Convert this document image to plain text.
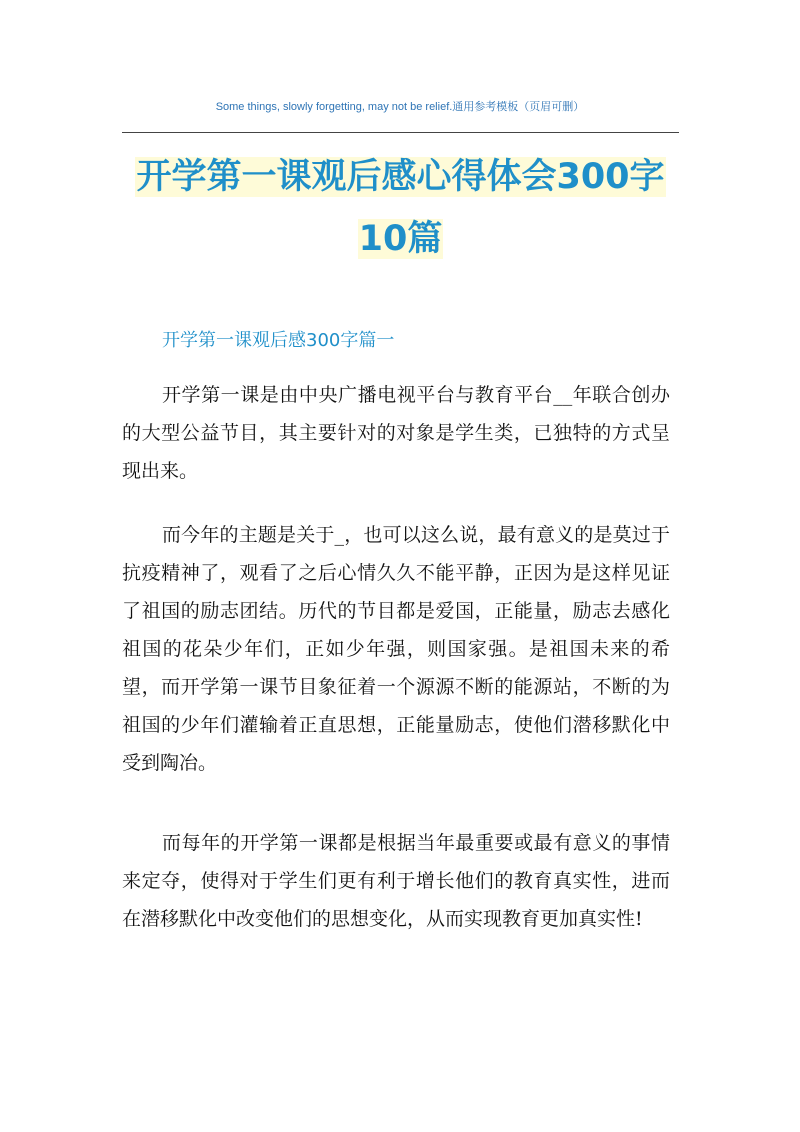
Some things, slowly forgetting, may not be relief.通用参考模板（页眉可删）
开学第一课观后感心得体会300字
10篇
开学第一课观后感300字篇一

开学第一课是由中央广播电视平台与教育平台__年联合创办的大型公益节目，其主要针对的对象是学生类，已独特的方式呈现出来。

而今年的主题是关于_，也可以这么说，最有意义的是莫过于抗疫精神了，观看了之后心情久久不能平静，正因为是这样见证了祖国的励志团结。历代的节目都是爱国，正能量，励志去感化祖国的花朵少年们，正如少年强，则国家强。是祖国未来的希望，而开学第一课节目象征着一个源源不断的能源站，不断的为祖国的少年们灌输着正直思想，正能量励志，使他们潜移默化中受到陶冶。

而每年的开学第一课都是根据当年最重要或最有意义的事情来定夺，使得对于学生们更有利于增长他们的教育真实性，进而在潜移默化中改变他们的思想变化，从而实现教育更加真实性!
